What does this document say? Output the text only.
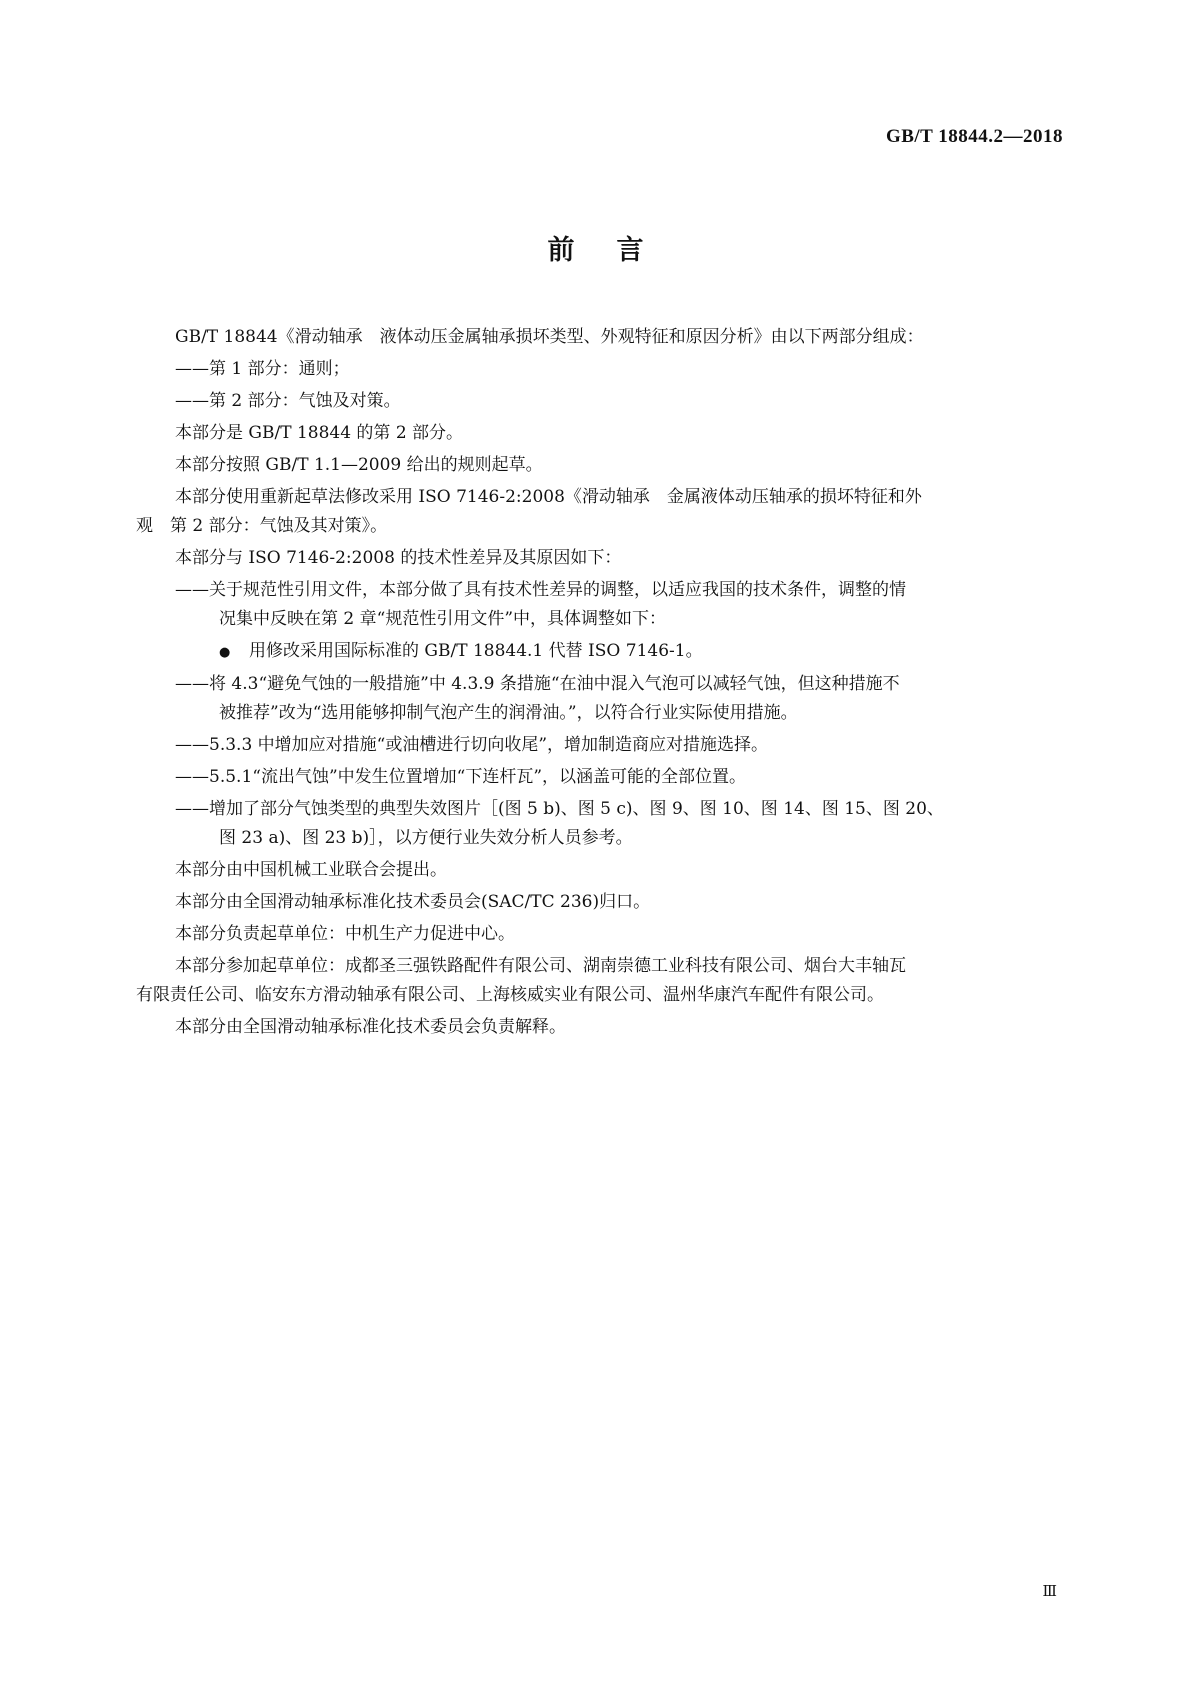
GB/T 18844.2—2018
前言

GB/T 18844《滑动轴承　液体动压金属轴承损坏类型、外观特征和原因分析》由以下两部分组成：

——第 1 部分：通则；

——第 2 部分：气蚀及对策。

本部分是 GB/T 18844 的第 2 部分。

本部分按照 GB/T 1.1—2009 给出的规则起草。

本部分使用重新起草法修改采用 ISO 7146-2:2008《滑动轴承　金属液体动压轴承的损坏特征和外

观　第 2 部分：气蚀及其对策》。

本部分与 ISO 7146-2:2008 的技术性差异及其原因如下：

——关于规范性引用文件，本部分做了具有技术性差异的调整，以适应我国的技术条件，调整的情

况集中反映在第 2 章“规范性引用文件”中，具体调整如下：

● 用修改采用国际标准的 GB/T 18844.1 代替 ISO 7146-1。

——将 4.3“避免气蚀的一般措施”中 4.3.9 条措施“在油中混入气泡可以减轻气蚀，但这种措施不

被推荐”改为“选用能够抑制气泡产生的润滑油。”，以符合行业实际使用措施。

——5.3.3 中增加应对措施“或油槽进行切向收尾”，增加制造商应对措施选择。

——5.5.1“流出气蚀”中发生位置增加“下连杆瓦”，以涵盖可能的全部位置。

——增加了部分气蚀类型的典型失效图片［(图 5 b)、图 5 c)、图 9、图 10、图 14、图 15、图 20、

图 23 a)、图 23 b)］，以方便行业失效分析人员参考。

本部分由中国机械工业联合会提出。

本部分由全国滑动轴承标准化技术委员会(SAC/TC 236)归口。

本部分负责起草单位：中机生产力促进中心。

本部分参加起草单位：成都圣三强铁路配件有限公司、湖南崇德工业科技有限公司、烟台大丰轴瓦

有限责任公司、临安东方滑动轴承有限公司、上海核威实业有限公司、温州华康汽车配件有限公司。

本部分由全国滑动轴承标准化技术委员会负责解释。

Ⅲ
